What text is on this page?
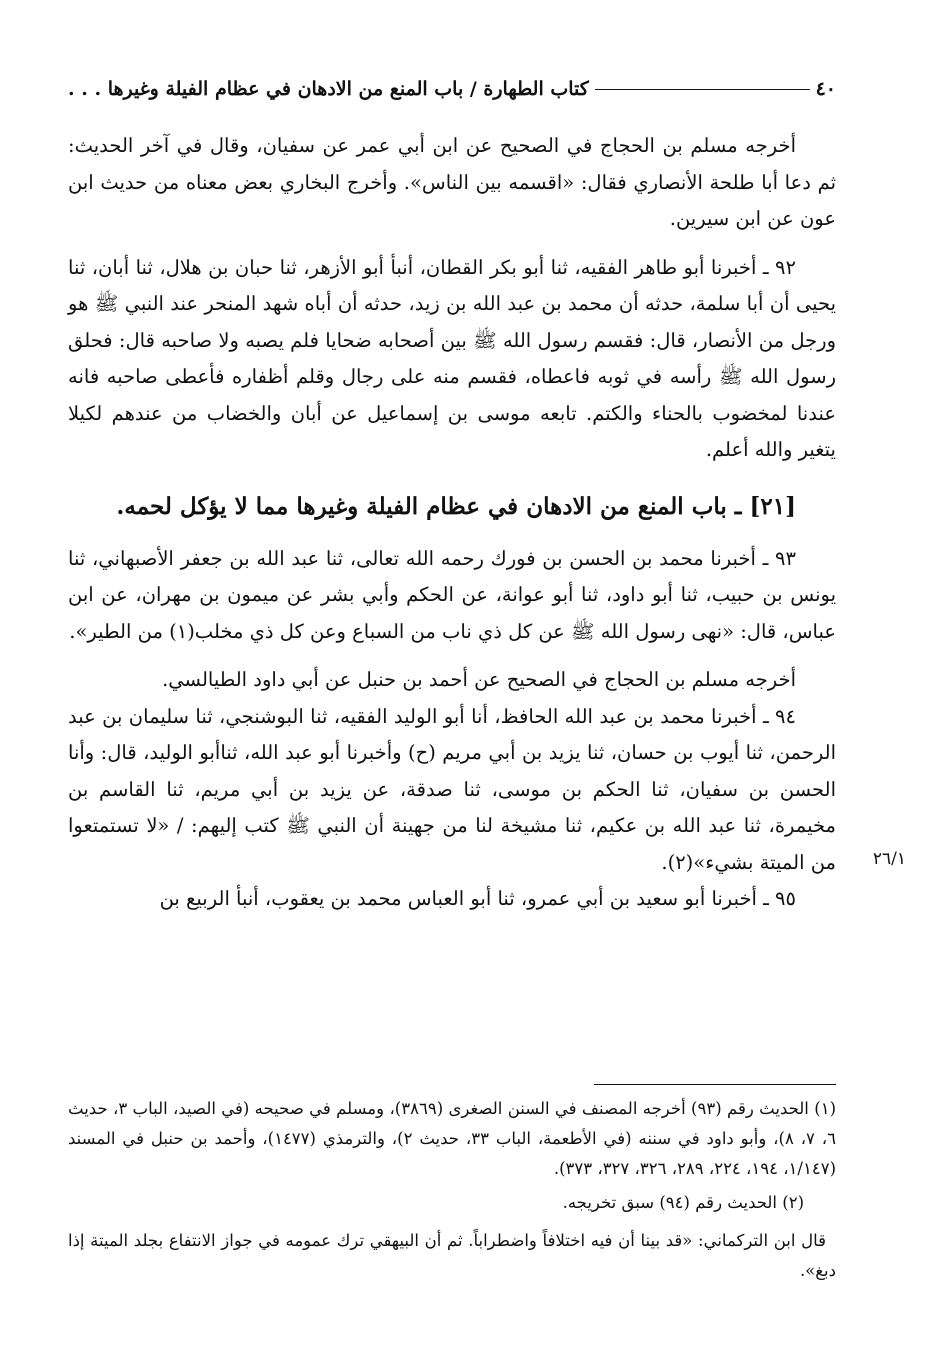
٤٠
كتاب الطهارة / باب المنع من الادهان في عظام الفيلة وغيرها . . .

أخرجه مسلم بن الحجاج في الصحيح عن ابن أبي عمر عن سفيان، وقال في آخر الحديث: ثم دعا أبا طلحة الأنصاري فقال: «اقسمه بين الناس». وأخرج البخاري بعض معناه من حديث ابن عون عن ابن سيرين.

٩٢ ـ أخبرنا أبو طاهر الفقيه، ثنا أبو بكر القطان، أنبأ أبو الأزهر، ثنا حبان بن هلال، ثنا أبان، ثنا يحيى أن أبا سلمة، حدثه أن محمد بن عبد الله بن زيد، حدثه أن أباه شهد المنحر عند النبي ﷺ هو ورجل من الأنصار، قال: فقسم رسول الله ﷺ بين أصحابه ضحايا فلم يصبه ولا صاحبه قال: فحلق رسول الله ﷺ رأسه في ثوبه فاعطاه، فقسم منه على رجال وقلم أظفاره فأعطى صاحبه فانه عندنا لمخضوب بالحناء والكتم. تابعه موسى بن إسماعيل عن أبان والخضاب من عندهم لكيلا يتغير والله أعلم.

[٢١] ـ باب المنع من الادهان في عظام الفيلة وغيرها مما لا يؤكل لحمه.

٩٣ ـ أخبرنا محمد بن الحسن بن فورك رحمه الله تعالى، ثنا عبد الله بن جعفر الأصبهاني، ثنا يونس بن حبيب، ثنا أبو داود، ثنا أبو عوانة، عن الحكم وأبي بشر عن ميمون بن مهران، عن ابن عباس، قال: «نهى رسول الله ﷺ عن كل ذي ناب من السباع وعن كل ذي مخلب(١) من الطير».

أخرجه مسلم بن الحجاج في الصحيح عن أحمد بن حنبل عن أبي داود الطيالسي.

٩٤ ـ أخبرنا محمد بن عبد الله الحافظ، أنا أبو الوليد الفقيه، ثنا البوشنجي، ثنا سليمان بن عبد الرحمن، ثنا أيوب بن حسان، ثنا يزيد بن أبي مريم (ح) وأخبرنا أبو عبد الله، ثناأبو الوليد، قال: وأنا الحسن بن سفيان، ثنا الحكم بن موسى، ثنا صدقة، عن يزيد بن أبي مريم، ثنا القاسم بن مخيمرة، ثنا عبد الله بن عكيم، ثنا مشيخة لنا من جهينة أن النبي ﷺ كتب إليهم: / «لا تستمتعوا من الميتة بشيء»(٢). ٢٦/١

٩٥ ـ أخبرنا أبو سعيد بن أبي عمرو، ثنا أبو العباس محمد بن يعقوب، أنبأ الربيع بن

(١) الحديث رقم (٩٣) أخرجه المصنف في السنن الصغرى (٣٨٦٩)، ومسلم في صحيحه (في الصيد، الباب ٣، حديث ٦، ٧، ٨)، وأبو داود في سننه (في الأطعمة، الباب ٣٣، حديث ٢)، والترمذي (١٤٧٧)، وأحمد بن حنبل في المسند (١/١٤٧، ١٩٤، ٢٢٤، ٢٨٩، ٣٢٦، ٣٢٧، ٣٧٣).

(٢) الحديث رقم (٩٤) سبق تخريجه.

قال ابن التركماني: «قد بينا أن فيه اختلافاً واضطراباً. ثم أن البيهقي ترك عمومه في جواز الانتفاع بجلد الميتة إذا دبغ».
